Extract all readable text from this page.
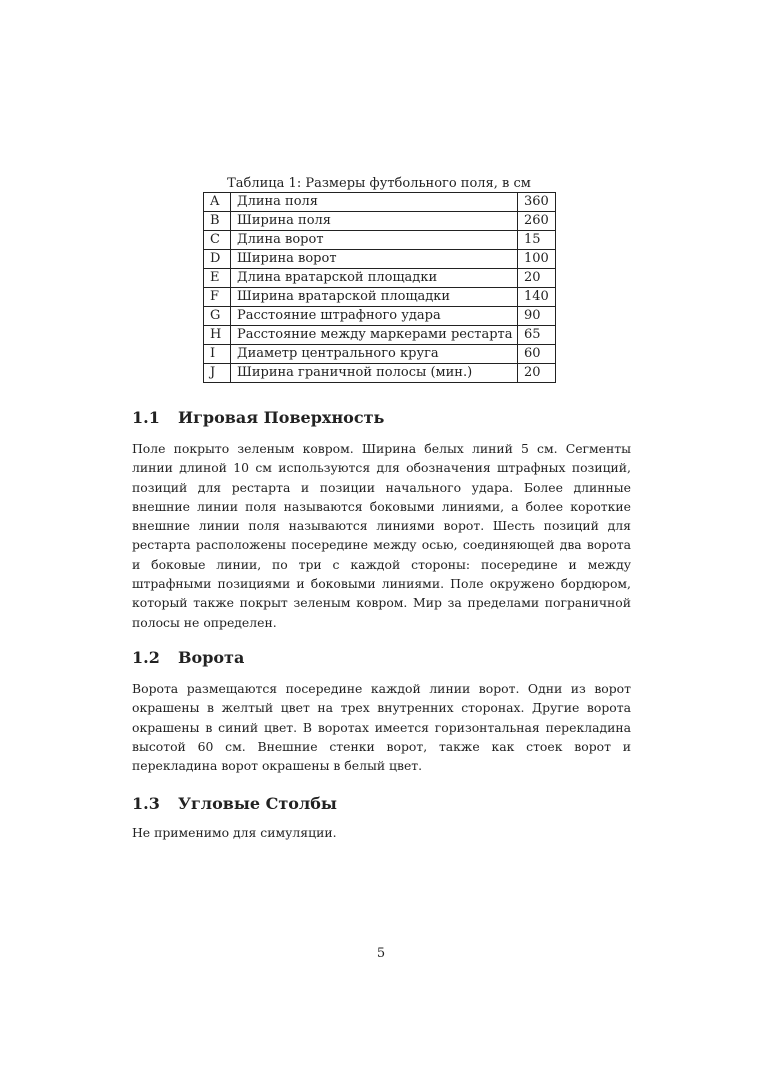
Таблица 1: Размеры футбольного поля, в см
A	Длина поля	360
B	Ширина поля	260
C	Длина ворот	15
D	Ширина ворот	100
E	Длина вратарской площадки	20
F	Ширина вратарской площадки	140
G	Расстояние штрафного удара	90
H	Расстояние между маркерами рестарта	65
I	Диаметр центрального круга	60
J	Ширина граничной полосы (мин.)	20
1.1 Игровая Поверхность

Поле покрыто зеленым ковром. Ширина белых линий 5 см. Сегменты линии длиной 10 см используются для обозначения штрафных позиций, позиций для рестарта и позиции начального удара. Более длинные внешние линии поля называются боковыми линиями, а более короткие внешние линии поля называются линиями ворот. Шесть позиций для рестарта расположены посередине между осью, соединяющей два ворота и боковые линии, по три с каждой стороны: посередине и между штрафными позициями и боковыми линиями. Поле окружено бордюром, который также покрыт зеленым ковром. Мир за пределами пограничной полосы не определен.

1.2 Ворота

Ворота размещаются посередине каждой линии ворот. Одни из ворот окрашены в желтый цвет на трех внутренних сторонах. Другие ворота окрашены в синий цвет. В воротах имеется горизонтальная перекладина высотой 60 см. Внешние стенки ворот, также как стоек ворот и перекладина ворот окрашены в белый цвет.

1.3 Угловые Столбы

Не применимо для симуляции.

5
